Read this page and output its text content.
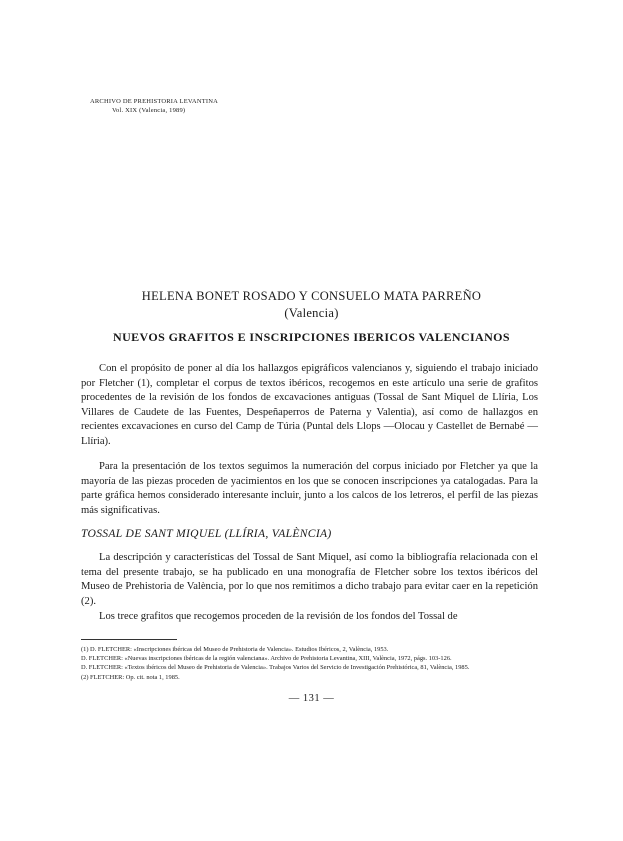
ARCHIVO DE PREHISTORIA LEVANTINA
Vol. XIX (Valencia, 1989)
HELENA BONET ROSADO Y CONSUELO MATA PARREÑO
(Valencia)
NUEVOS GRAFITOS E INSCRIPCIONES IBERICOS VALENCIANOS

Con el propósito de poner al día los hallazgos epigráficos valencianos y, siguiendo el trabajo iniciado por Fletcher (1), completar el corpus de textos ibéricos, recogemos en este artículo una serie de grafitos procedentes de la revisión de los fondos de excavaciones antiguas (Tossal de Sant Miquel de Llíria, Los Villares de Caudete de las Fuentes, Despeñaperros de Paterna y Valentia), así como de hallazgos en recientes excavaciones en curso del Camp de Túria (Puntal dels Llops —Olocau y Castellet de Bernabé —Llíria).

Para la presentación de los textos seguimos la numeración del corpus iniciado por Fletcher ya que la mayoría de las piezas proceden de yacimientos en los que se conocen inscripciones ya catalogadas. Para la parte gráfica hemos considerado interesante incluir, junto a los calcos de los letreros, el perfil de las piezas más significativas.

TOSSAL DE SANT MIQUEL (LLÍRIA, VALÈNCIA)

La descripción y características del Tossal de Sant Miquel, así como la bibliografía relacionada con el tema del presente trabajo, se ha publicado en una monografía de Fletcher sobre los textos ibéricos del Museo de Prehistoria de València, por lo que nos remitimos a dicho trabajo para evitar caer en la repetición (2).

Los trece grafitos que recogemos proceden de la revisión de los fondos del Tossal de

(1) D. FLETCHER: «Inscripciones ibéricas del Museo de Prehistoria de Valencia». Estudios Ibéricos, 2, València, 1953.

D. FLETCHER: «Nuevas inscripciones ibéricas de la región valenciana». Archivo de Prehistoria Levantina, XIII, València, 1972, págs. 103-126.

D. FLETCHER: «Textos ibéricos del Museo de Prehistoria de Valencia». Trabajos Varios del Servicio de Investigación Prehistórica, 81, València, 1985.

(2) FLETCHER: Op. cit. nota 1, 1985.

— 131 —
